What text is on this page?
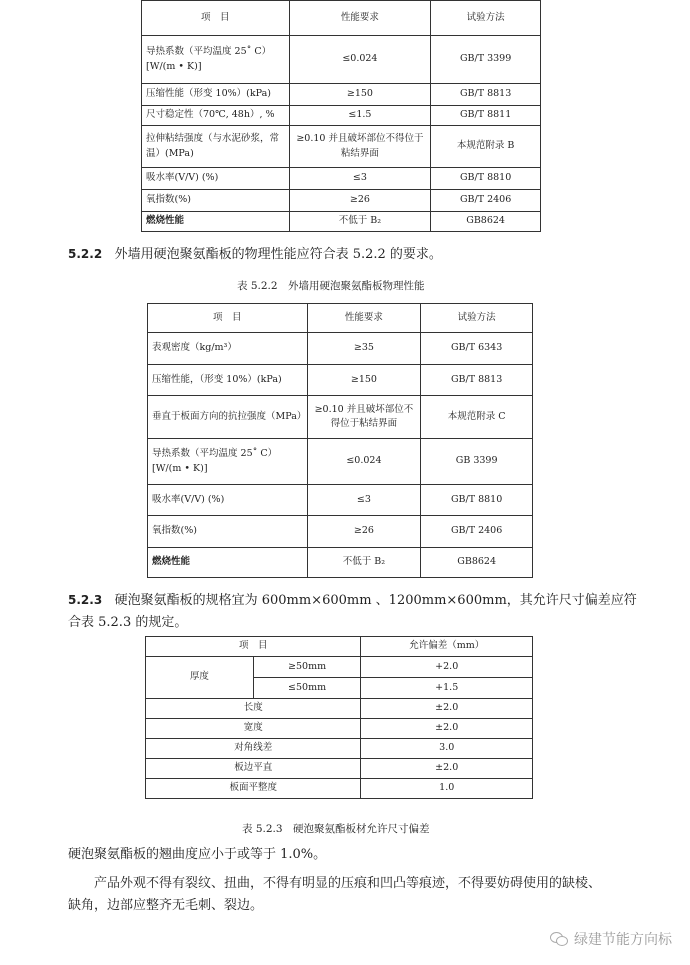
项　目	性能要求	试验方法
导热系数（平均温度 25˚ C）
[W/(m • K)]	≤0.024	GB/T 3399
压缩性能（形变 10%）(kPa)	≥150	GB/T 8813
尺寸稳定性（70℃, 48h）, %	≤1.5	GB/T 8811
拉伸粘结强度（与水泥砂浆，常温）(MPa)	≥0.10 并且破坏部位不得位于粘结界面	本规范附录 B
吸水率(V/V) (%)	≤3	GB/T 8810
氧指数(%)	≥26	GB/T 2406
燃烧性能	不低于 B₂	GB8624
5.2.2 外墙用硬泡聚氨酯板的物理性能应符合表 5.2.2 的要求。
表 5.2.2　外墙用硬泡聚氨酯板物理性能
项　目	性能要求	试验方法
表观密度（kg/m³）	≥35	GB/T 6343
压缩性能，（形变 10%）(kPa)	≥150	GB/T 8813
垂直于板面方向的抗拉强度（MPa）	≥0.10 并且破坏部位不得位于粘结界面	本规范附录 C
导热系数（平均温度 25˚ C）
[W/(m • K)]	≤0.024	GB 3399
吸水率(V/V) (%)	≤3	GB/T 8810
氧指数(%)	≥26	GB/T 2406
燃烧性能	不低于 B₂	GB8624
5.2.3 硬泡聚氨酯板的规格宜为 600mm×600mm 、1200mm×600mm，其允许尺寸偏差应符
合表 5.2.3 的规定。
项　目		允许偏差（mm）
厚度	≥50mm	+2.0
	≤50mm	+1.5
长度		±2.0
宽度		±2.0
对角线差		3.0
板边平直		±2.0
板面平整度		1.0
表 5.2.3　硬泡聚氨酯板材允许尺寸偏差
硬泡聚氨酯板的翘曲度应小于或等于 1.0%。
产品外观不得有裂纹、扭曲，不得有明显的压痕和凹凸等痕迹，不得要妨碍使用的缺棱、
缺角，边部应整齐无毛刺、裂边。
绿建节能方向标
